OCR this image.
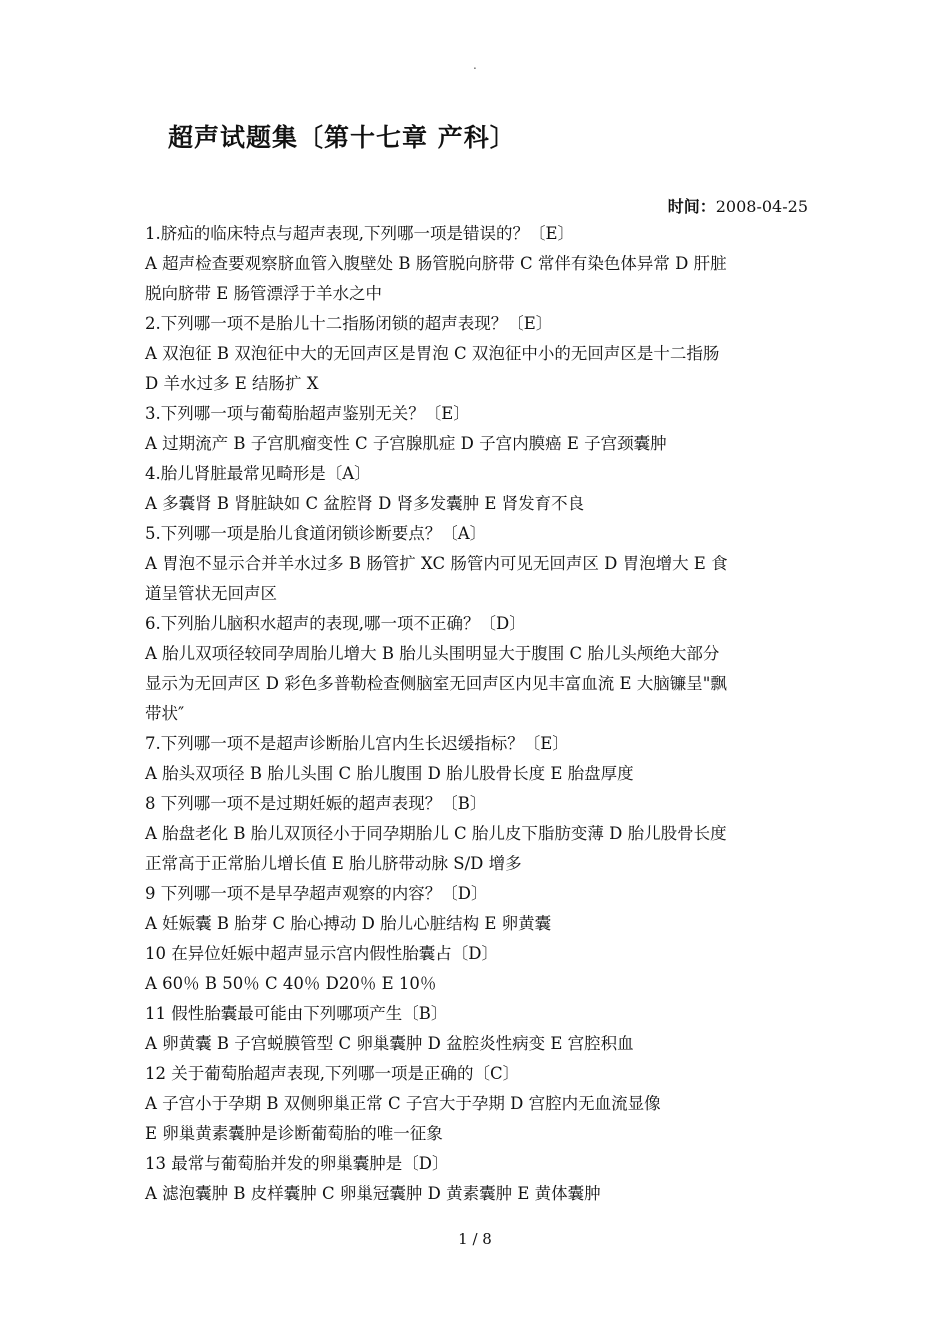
.
超声试题集〔第十七章 产科〕
时间：2008-04-25

1.脐疝的临床特点与超声表现,下列哪一项是错误的？〔E〕

A 超声检查要观察脐血管入腹壁处 B 肠管脱向脐带 C 常伴有染色体异常 D 肝脏

脱向脐带 E 肠管漂浮于羊水之中

2.下列哪一项不是胎儿十二指肠闭锁的超声表现？〔E〕

A 双泡征 B 双泡征中大的无回声区是胃泡 C 双泡征中小的无回声区是十二指肠

D 羊水过多 E 结肠扩 X

3.下列哪一项与葡萄胎超声鉴别无关？〔E〕

A 过期流产 B 子宫肌瘤变性 C 子宫腺肌症 D 子宫内膜癌 E 子宫颈囊肿

4.胎儿肾脏最常见畸形是〔A〕

A 多囊肾 B 肾脏缺如 C 盆腔肾 D 肾多发囊肿 E 肾发育不良

5.下列哪一项是胎儿食道闭锁诊断要点？〔A〕

A 胃泡不显示合并羊水过多 B 肠管扩 XC 肠管内可见无回声区 D 胃泡增大 E 食

道呈管状无回声区

6.下列胎儿脑积水超声的表现,哪一项不正确？〔D〕

A 胎儿双项径较同孕周胎儿增大 B 胎儿头围明显大于腹围 C 胎儿头颅绝大部分

显示为无回声区 D 彩色多普勒检查侧脑室无回声区内见丰富血流 E 大脑镰呈"飘

带状″

7.下列哪一项不是超声诊断胎儿宫内生长迟缓指标？〔E〕

A 胎头双项径 B 胎儿头围 C 胎儿腹围 D 胎儿股骨长度 E 胎盘厚度

8 下列哪一项不是过期妊娠的超声表现？〔B〕

A 胎盘老化 B 胎儿双顶径小于同孕期胎儿 C 胎儿皮下脂肪变薄 D 胎儿股骨长度

正常高于正常胎儿增长值 E 胎儿脐带动脉 S/D 增多

9 下列哪一项不是早孕超声观察的内容？〔D〕

A 妊娠囊 B 胎芽 C 胎心搏动 D 胎儿心脏结构 E 卵黄囊

10 在异位妊娠中超声显示宫内假性胎囊占〔D〕

A 60％ B 50％ C 40％ D20％ E 10％

11 假性胎囊最可能由下列哪项产生〔B〕

A 卵黄囊 B 子宫蜕膜管型 C 卵巢囊肿 D 盆腔炎性病变 E 宫腔积血

12 关于葡萄胎超声表现,下列哪一项是正确的〔C〕

A 子宫小于孕期 B 双侧卵巢正常 C 子宫大于孕期 D 宫腔内无血流显像

E 卵巢黄素囊肿是诊断葡萄胎的唯一征象

13 最常与葡萄胎并发的卵巢囊肿是〔D〕

A 滤泡囊肿 B 皮样囊肿 C 卵巢冠囊肿 D 黄素囊肿 E 黄体囊肿

1 / 8
